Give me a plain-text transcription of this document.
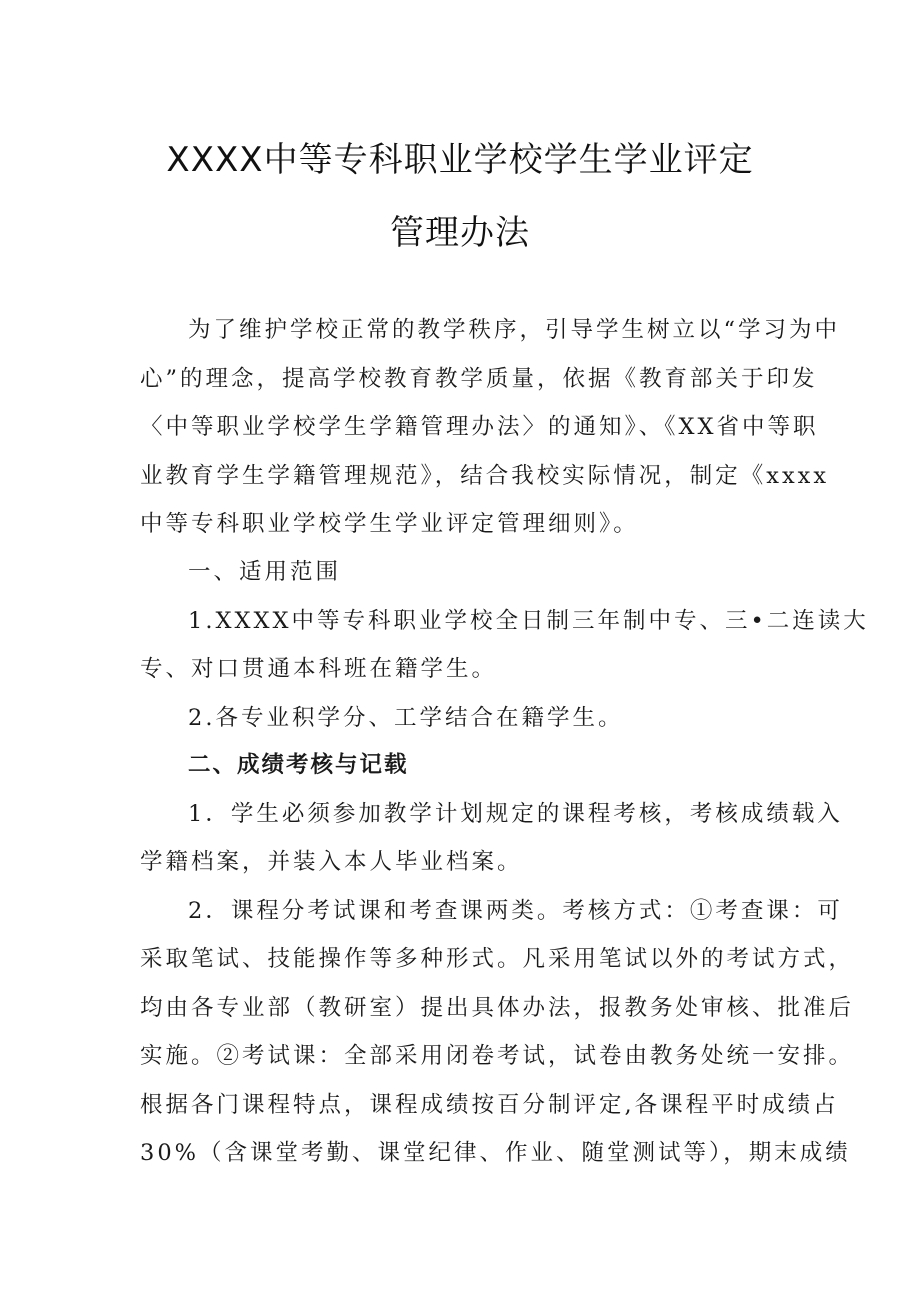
XXXX中等专科职业学校学生学业评定
管理办法
为了维护学校正常的教学秩序，引导学生树立以“学习为中
心”的理念，提高学校教育教学质量，依据《教育部关于印发
〈中等职业学校学生学籍管理办法〉的通知》、《XX省中等职
业教育学生学籍管理规范》，结合我校实际情况，制定《xxxx
中等专科职业学校学生学业评定管理细则》。
一、适用范围
1.XXXX中等专科职业学校全日制三年制中专、三•二连读大
专、对口贯通本科班在籍学生。
2.各专业积学分、工学结合在籍学生。
二、成绩考核与记载
1．学生必须参加教学计划规定的课程考核，考核成绩载入
学籍档案，并装入本人毕业档案。
2．课程分考试课和考查课两类。考核方式：①考查课：可
采取笔试、技能操作等多种形式。凡采用笔试以外的考试方式，
均由各专业部（教研室）提出具体办法，报教务处审核、批准后
实施。②考试课：全部采用闭卷考试，试卷由教务处统一安排。
根据各门课程特点，课程成绩按百分制评定,各课程平时成绩占
30%（含课堂考勤、课堂纪律、作业、随堂测试等），期末成绩
